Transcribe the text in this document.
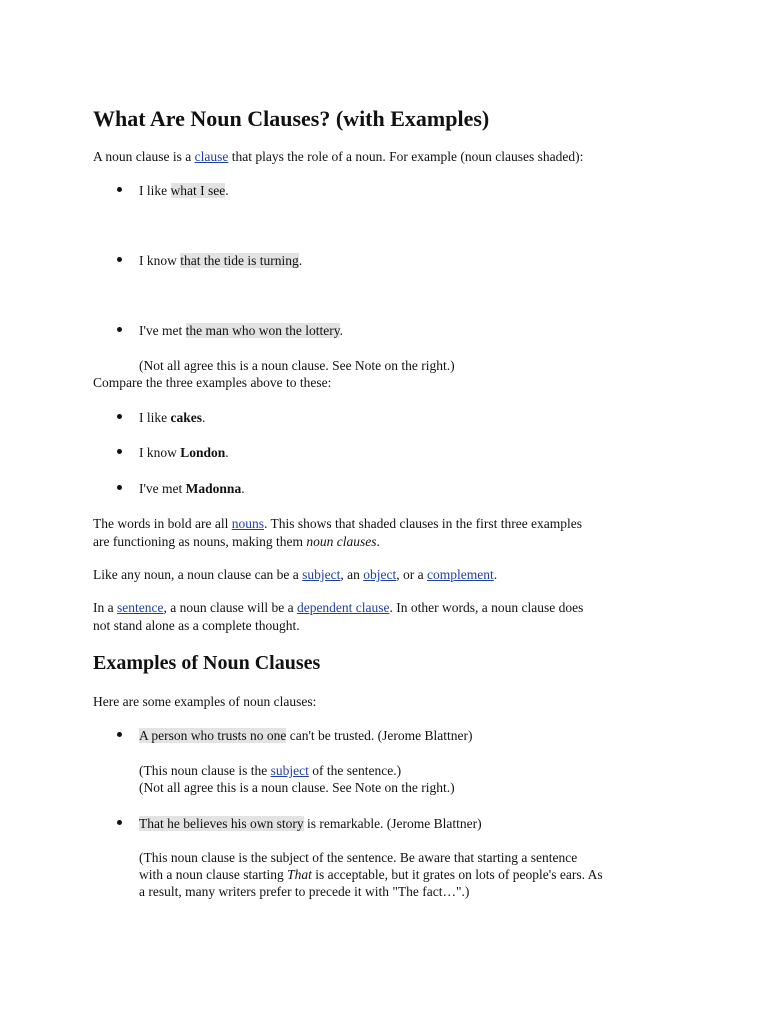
What Are Noun Clauses? (with Examples)

A noun clause is a clause that plays the role of a noun. For example (noun clauses shaded):

I like what I see.

I know that the tide is turning.

I've met the man who won the lottery.

(Not all agree this is a noun clause. See Note on the right.)

Compare the three examples above to these:

I like cakes.

I know London.

I've met Madonna.

The words in bold are all nouns. This shows that shaded clauses in the first three examples

are functioning as nouns, making them noun clauses.

Like any noun, a noun clause can be a subject, an object, or a complement.

In a sentence, a noun clause will be a dependent clause. In other words, a noun clause does

not stand alone as a complete thought.

Examples of Noun Clauses

Here are some examples of noun clauses:

A person who trusts no one can't be trusted. (Jerome Blattner)

(This noun clause is the subject of the sentence.)

(Not all agree this is a noun clause. See Note on the right.)

That he believes his own story is remarkable. (Jerome Blattner)

(This noun clause is the subject of the sentence. Be aware that starting a sentence

with a noun clause starting That is acceptable, but it grates on lots of people's ears. As

a result, many writers prefer to precede it with "The fact…".)
